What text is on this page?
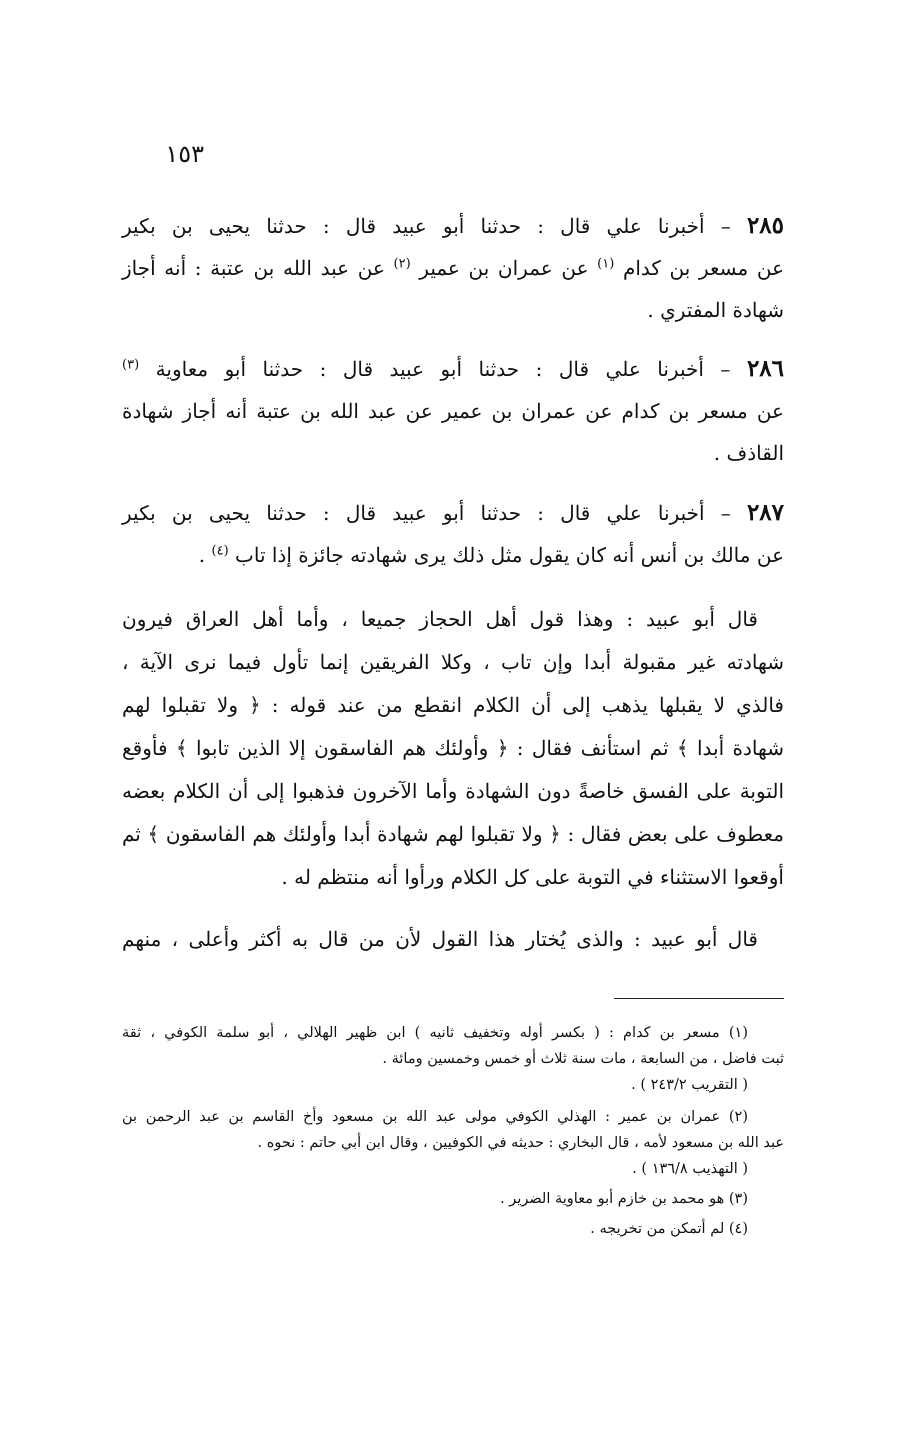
١٥٣
٢٨٥ – أخبرنا علي قال : حدثنا أبو عبيد قال : حدثنا يحيى بن بكير
عن مسعر بن كدام $^{(١)}$ عن عمران بن عمير $^{(٢)}$ عن عبد الله بن عتبة : أنه أجاز
شهادة المفتري .
٢٨٦ – أخبرنا علي قال : حدثنا أبو عبيد قال : حدثنا أبو معاوية $^{(٣)}$
عن مسعر بن كدام عن عمران بن عمير عن عبد الله بن عتبة أنه أجاز شهادة
القاذف .
٢٨٧ – أخبرنا علي قال : حدثنا أبو عبيد قال : حدثنا يحيى بن بكير
عن مالك بن أنس أنه كان يقول مثل ذلك يرى شهادته جائزة إذا تاب $^{(٤)}$ .
قال أبو عبيد : وهذا قول أهل الحجاز جميعا ، وأما أهل العراق فيرون
شهادته غير مقبولة أبدا وإن تاب ، وكلا الفريقين إنما تأول فيما نرى الآية ،
فالذي لا يقبلها يذهب إلى أن الكلام انقطع من عند قوله : ﴿ ولا تقبلوا لهم
شهادة أبدا ﴾ ثم استأنف فقال : ﴿ وأولئك هم الفاسقون إلا الذين تابوا ﴾ فأوقع
التوبة على الفسق خاصةً دون الشهادة وأما الآخرون فذهبوا إلى أن الكلام بعضه
معطوف على بعض فقال : ﴿ ولا تقبلوا لهم شهادة أبدا وأولئك هم الفاسقون ﴾ ثم
أوقعوا الاستثناء في التوبة على كل الكلام ورأوا أنه منتظم له .
قال أبو عبيد : والذى يُختار هذا القول لأن من قال به أكثر وأعلى ، منهم
(١) مسعر بن كدام : ( بكسر أوله وتخفيف ثانيه ) ابن ظهير الهلالي ، أبو سلمة الكوفي ، ثقة
ثبت فاضل ، من السابعة ، مات سنة ثلاث أو خمس وخمسين ومائة .
( التقريب ٢٤٣/٢ ) .
(٢) عمران بن عمير : الهذلي الكوفي مولى عبد الله بن مسعود وأخ القاسم بن عبد الرحمن بن
عبد الله بن مسعود لأمه ، قال البخاري : حديثه في الكوفيين ، وقال ابن أبي حاتم : نحوه .
( التهذيب ١٣٦/٨ ) .
(٣) هو محمد بن خازم أبو معاوية الضرير .
(٤) لم أتمكن من تخريجه .
